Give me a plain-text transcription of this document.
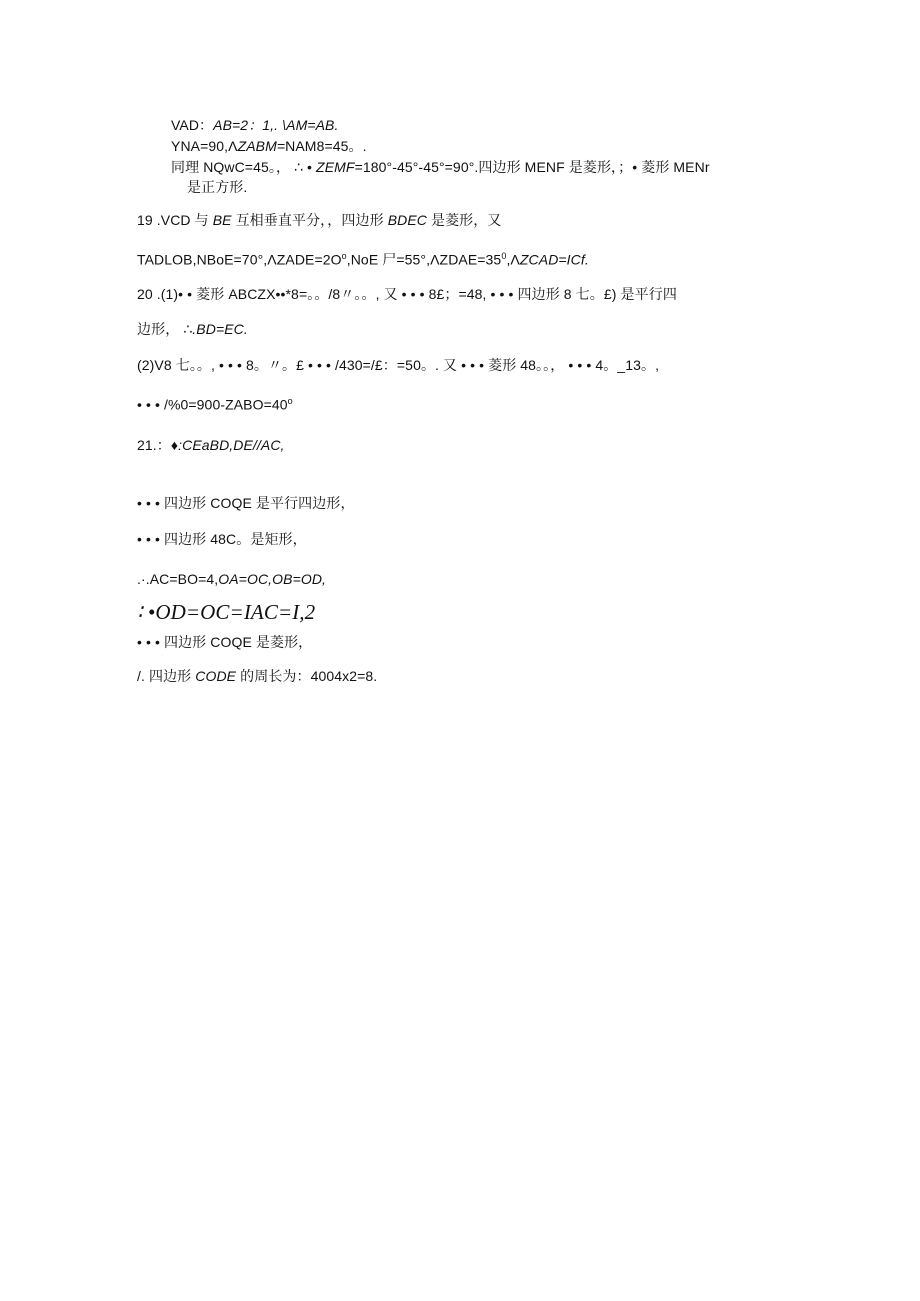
VAD：AB=2：1,. \AM=AB.
YNA=90,ΛZABM=NAM8=45。.
同理 NQwC=45。， ∴ • ZEMF=180°-45°-45°=90°.四边形 MENF 是菱形，；• 菱形 MENr
是正方形.
19 .VCD 与 BE 互相垂直平分，，四边形 BDEC 是菱形，又
$TADLOB,NBoE=70^\circ,\Lambda ZADE=2O^o,NoE$ 尸$=55^\circ,\Lambda ZDAE=35^0,\Lambda ZCAD=ICf$.
20 .(1)• • 菱形 ABCZX••*8=。。/8〃。。, 又 • • • 8£；=48, • • • 四边形 8 七。£) 是平行四
边形， ∴.BD=EC.
(2)V8 七。。, • • • 8。〃。£ • • • /430=/£：=50。. 又 • • • 菱形 48。。， • • • 4。_13。,
• • • $/\%0=900-ZABO=40^o$
21.：♦:CEaBD,DE//AC,
• • • 四边形 COQE 是平行四边形，
• • • 四边形 48C。是矩形，
.·.AC=BO=4,OA=OC,OB=OD,
∶ •OD=OC=IAC=I,2
• • • 四边形 COQE 是菱形，
/. 四边形 CODE 的周长为：4004x2=8.
